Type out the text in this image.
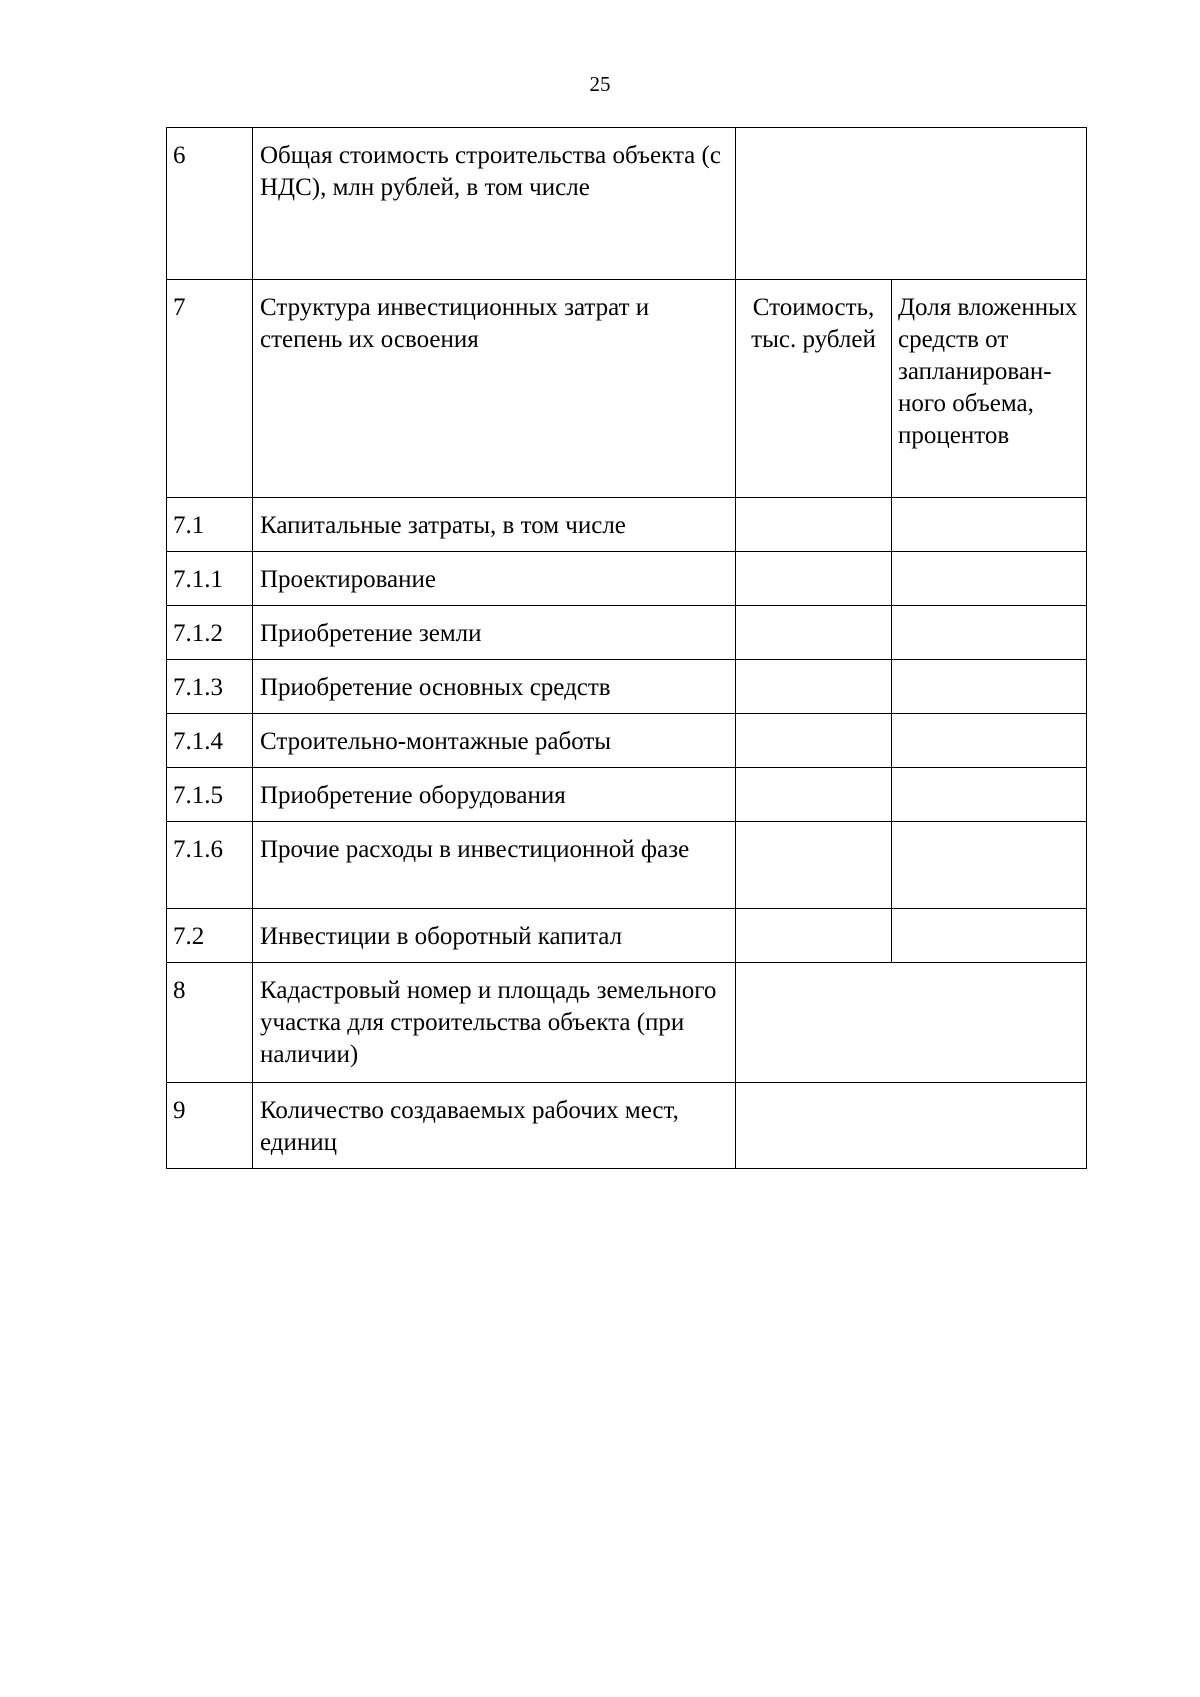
25
6	Общая стоимость строительства объекта (с НДС), млн рублей, в том числе		
7	Структура инвестиционных затрат и степень их освоения	Стоимость, тыс. рублей	Доля вложенных средств от запланирован-
ного объема, процентов
7.1	Капитальные затраты, в том числе		
7.1.1	Проектирование		
7.1.2	Приобретение земли		
7.1.3	Приобретение основных средств		
7.1.4	Строительно-монтажные работы		
7.1.5	Приобретение оборудования		
7.1.6	Прочие расходы в инвестиционной фазе		
7.2	Инвестиции в оборотный капитал		
8	Кадастровый номер и площадь земельного участка для строительства объекта (при наличии)		
9	Количество создаваемых рабочих мест, единиц		
